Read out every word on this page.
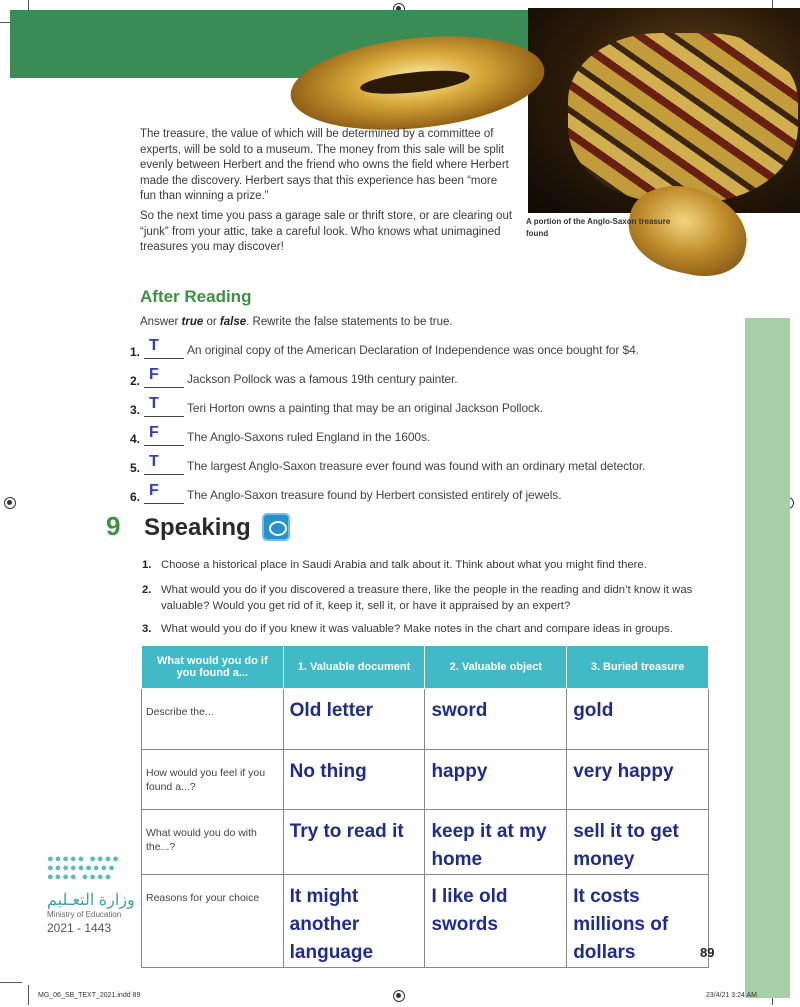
The treasure, the value of which will be determined by a committee of experts, will be sold to a museum. The money from this sale will be split evenly between Herbert and the friend who owns the field where Herbert made the discovery. Herbert says that this experience has been “more fun than winning a prize.”

So the next time you pass a garage sale or thrift store, or are clearing out “junk” from your attic, take a careful look. Who knows what unimagined treasures you may discover!

A portion of the Anglo-Saxon treasure found

After Reading

Answer true or false. Rewrite the false statements to be true.

1. T An original copy of the American Declaration of Independence was once bought for $4.
2. F Jackson Pollock was a famous 19th century painter.
3. T Teri Horton owns a painting that may be an original Jackson Pollock.
4. F The Anglo-Saxons ruled England in the 1600s.
5. T The largest Anglo-Saxon treasure ever found was found with an ordinary metal detector.
6. F The Anglo-Saxon treasure found by Herbert consisted entirely of jewels.
9 Speaking
1. Choose a historical place in Saudi Arabia and talk about it. Think about what you might find there.
2. What would you do if you discovered a treasure there, like the people in the reading and didn’t know it was valuable? Would you get rid of it, keep it, sell it, or have it appraised by an expert?
3. What would you do if you knew it was valuable? Make notes in the chart and compare ideas in groups.
What would you do if you found a...	1. Valuable document	2. Valuable object	3. Buried treasure
Describe the...	Old letter	sword	gold
How would you feel if you found a...?	No thing	happy	very happy
What would you do with the...?	Try to read it	keep it at my home	sell it to get money
Reasons for your choice	It might another language	I like old swords	It costs millions of dollars
●●●●● ●●●●
●●●●●●●●●
●●●● ●●●●
وزارة التعـليم
Ministry of Education
2021 - 1443
89
MG_06_SB_TEXT_2021.indd 89	23/4/21 3:24 AM
